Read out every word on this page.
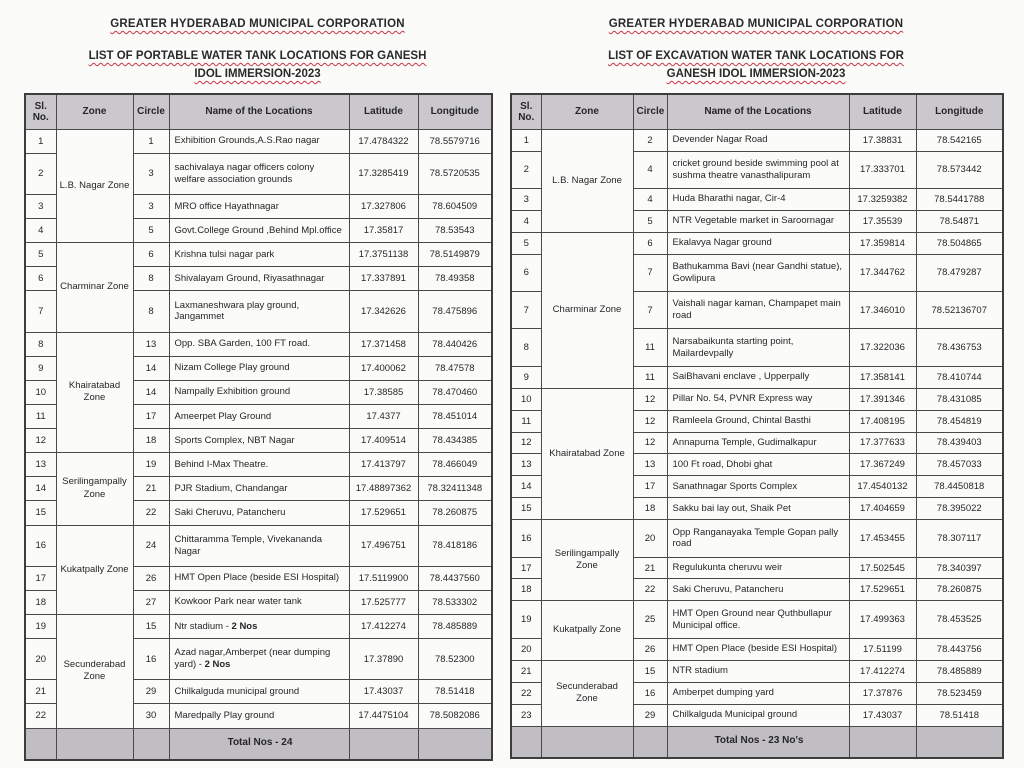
GREATER HYDERABAD MUNICIPAL CORPORATION
LIST OF PORTABLE WATER TANK LOCATIONS FOR GANESH IDOL IMMERSION-2023
Sl. No.	Zone	Circle	Name of the Locations	Latitude	Longitude
1	L.B. Nagar Zone	1	Exhibition Grounds,A.S.Rao nagar	17.4784322	78.5579716
2		3	sachivalaya nagar officers colony welfare association grounds	17.3285419	78.5720535
3		3	MRO office Hayathnagar	17.327806	78.604509
4		5	Govt.College Ground ,Behind Mpl.office	17.35817	78.53543
5	Charminar Zone	6	Krishna tulsi nagar park	17.3751138	78.5149879
6		8	Shivalayam Ground, Riyasathnagar	17.337891	78.49358
7		8	Laxmaneshwara play ground, Jangammet	17.342626	78.475896
8	Khairatabad Zone	13	Opp. SBA Garden, 100 FT road.	17.371458	78.440426
9		14	Nizam College Play ground	17.400062	78.47578
10		14	Nampally Exhibition ground	17.38585	78.470460
11		17	Ameerpet Play Ground	17.4377	78.451014
12		18	Sports Complex, NBT Nagar	17.409514	78.434385
13	Serilingampally Zone	19	Behind I-Max Theatre.	17.413797	78.466049
14		21	PJR Stadium, Chandangar	17.48897362	78.32411348
15		22	Saki Cheruvu, Patancheru	17.529651	78.260875
16	Kukatpally Zone	24	Chittaramma Temple, Vivekananda Nagar	17.496751	78.418186
17		26	HMT Open Place (beside ESI Hospital)	17.5119900	78.4437560
18		27	Kowkoor Park near water tank	17.525777	78.533302
19	Secunderabad Zone	15	Ntr stadium - 2 Nos	17.412274	78.485889
20		16	Azad nagar,Amberpet (near dumping yard) - 2 Nos	17.37890	78.52300
21		29	Chilkalguda municipal ground	17.43037	78.51418
22		30	Maredpally Play ground	17.4475104	78.5082086
			Total Nos - 24		
GREATER HYDERABAD MUNICIPAL CORPORATION
LIST OF EXCAVATION WATER TANK LOCATIONS FOR GANESH IDOL IMMERSION-2023
Sl. No.	Zone	Circle	Name of the Locations	Latitude	Longitude
1	L.B. Nagar Zone	2	Devender Nagar Road	17.38831	78.542165
2		4	cricket ground beside swimming pool at sushma theatre vanasthalipuram	17.333701	78.573442
3		4	Huda Bharathi nagar, Cir-4	17.3259382	78.5441788
4		5	NTR Vegetable market in Saroornagar	17.35539	78.54871
5	Charminar Zone	6	Ekalavya Nagar ground	17.359814	78.504865
6		7	Bathukamma Bavi (near Gandhi statue), Gowlipura	17.344762	78.479287
7		7	Vaishali nagar kaman, Champapet main road	17.346010	78.52136707
8		11	Narsabaikunta starting point, Mailardevpally	17.322036	78.436753
9		11	SaiBhavani enclave , Upperpally	17.358141	78.410744
10	Khairatabad Zone	12	Pillar No. 54, PVNR Express way	17.391346	78.431085
11		12	Ramleela Ground, Chintal Basthi	17.408195	78.454819
12		12	Annapurna Temple, Gudimalkapur	17.377633	78.439403
13		13	100 Ft road, Dhobi ghat	17.367249	78.457033
14		17	Sanathnagar Sports Complex	17.4540132	78.4450818
15		18	Sakku bai lay out, Shaik Pet	17.404659	78.395022
16	Serilingampally Zone	20	Opp Ranganayaka Temple Gopan pally road	17.453455	78.307117
17		21	Regulukunta cheruvu weir	17.502545	78.340397
18		22	Saki Cheruvu, Patancheru	17.529651	78.260875
19	Kukatpally Zone	25	HMT Open Ground near Quthbullapur Municipal office.	17.499363	78.453525
20		26	HMT Open Place (beside ESI Hospital)	17.51199	78.443756
21	Secunderabad Zone	15	NTR stadium	17.412274	78.485889
22		16	Amberpet dumping yard	17.37876	78.523459
23		29	Chilkalguda Municipal ground	17.43037	78.51418
			Total Nos - 23 No's		
